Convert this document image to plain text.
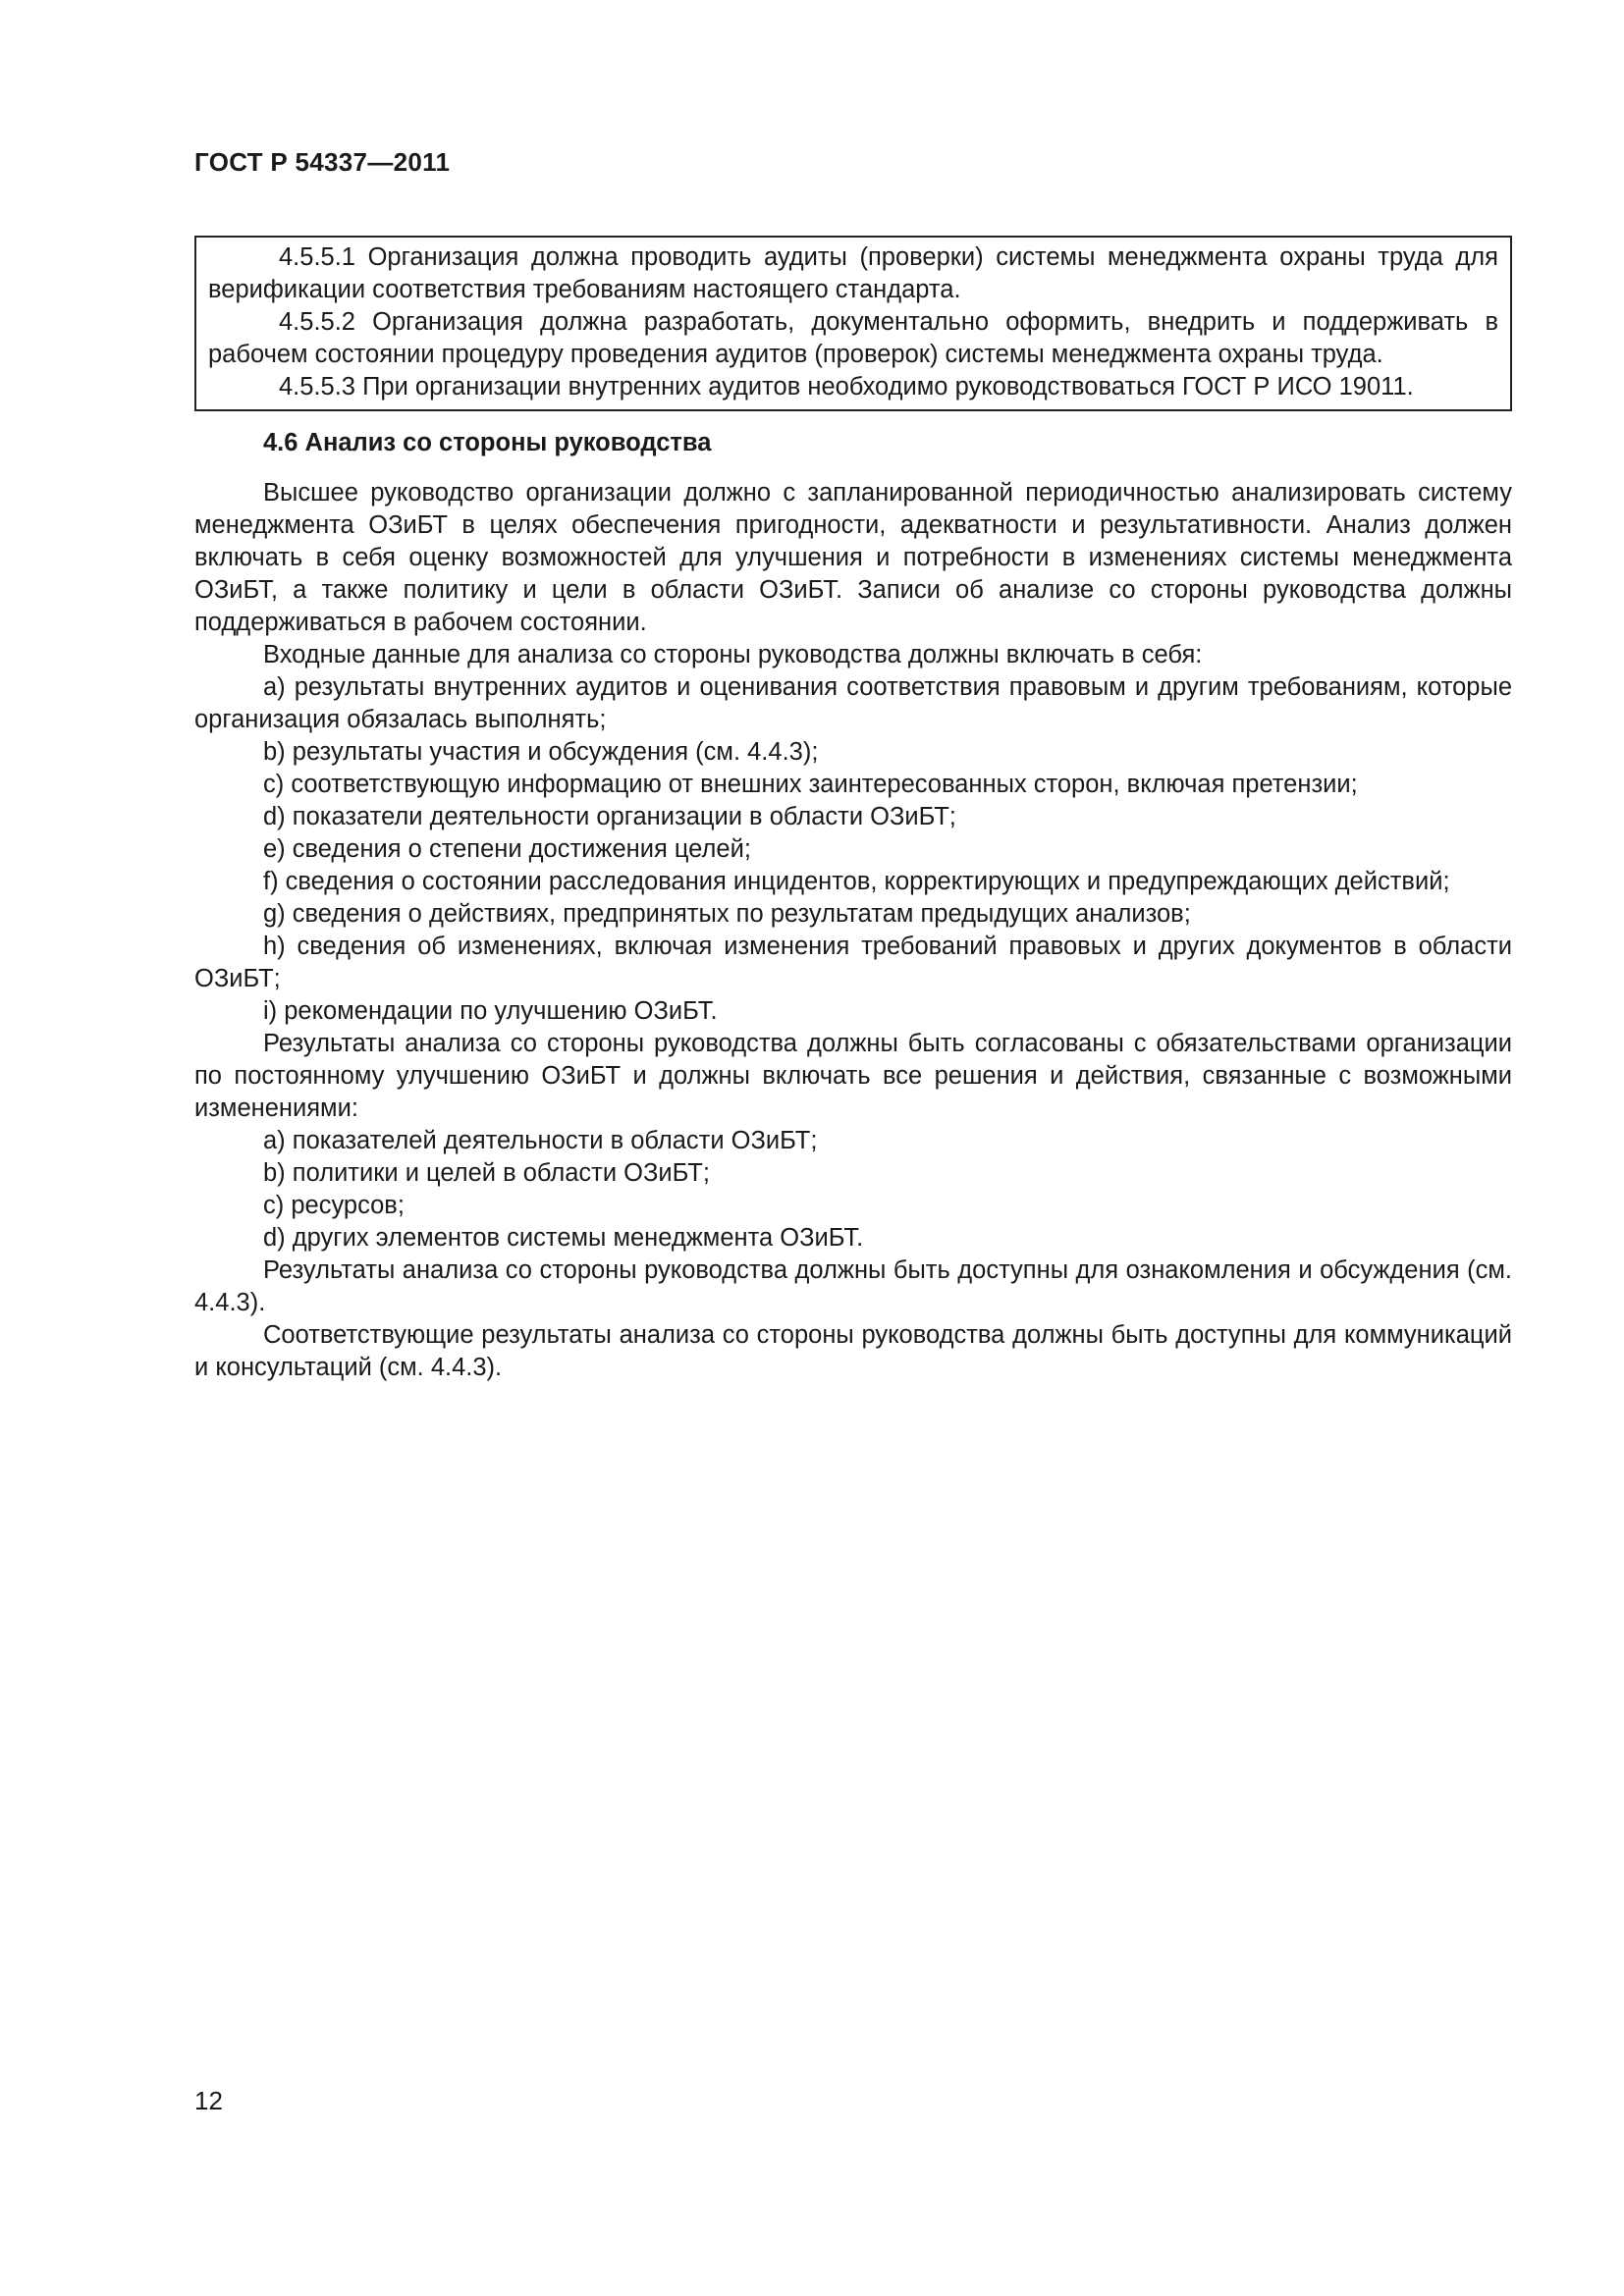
ГОСТ Р 54337—2011

4.5.5.1 Организация должна проводить аудиты (проверки) системы менеджмента охраны труда для верификации соответствия требованиям настоящего стандарта.

4.5.5.2 Организация должна разработать, документально оформить, внедрить и поддерживать в рабочем состоянии процедуру проведения аудитов (проверок) системы менеджмента охраны труда.

4.5.5.3 При организации внутренних аудитов необходимо руководствоваться ГОСТ Р ИСО 19011.

4.6 Анализ со стороны руководства

Высшее руководство организации должно с запланированной периодичностью анализировать систему менеджмента ОЗиБТ в целях обеспечения пригодности, адекватности и результативности. Анализ должен включать в себя оценку возможностей для улучшения и потребности в изменениях системы менеджмента ОЗиБТ, а также политику и цели в области ОЗиБТ. Записи об анализе со стороны руководства должны поддерживаться в рабочем состоянии.

Входные данные для анализа со стороны руководства должны включать в себя:

a) результаты внутренних аудитов и оценивания соответствия правовым и другим требованиям, которые организация обязалась выполнять;

b) результаты участия и обсуждения (см. 4.4.3);

c) соответствующую информацию от внешних заинтересованных сторон, включая претензии;

d) показатели деятельности организации в области ОЗиБТ;

e) сведения о степени достижения целей;

f) сведения о состоянии расследования инцидентов, корректирующих и предупреждающих действий;

g) сведения о действиях, предпринятых по результатам предыдущих анализов;

h) сведения об изменениях, включая изменения требований правовых и других документов в области ОЗиБТ;

i) рекомендации по улучшению ОЗиБТ.

Результаты анализа со стороны руководства должны быть согласованы с обязательствами организации по постоянному улучшению ОЗиБТ и должны включать все решения и действия, связанные с возможными изменениями:

a) показателей деятельности в области ОЗиБТ;

b) политики и целей в области ОЗиБТ;

c) ресурсов;

d) других элементов системы менеджмента ОЗиБТ.

Результаты анализа со стороны руководства должны быть доступны для ознакомления и обсуждения (см. 4.4.3).

Соответствующие результаты анализа со стороны руководства должны быть доступны для коммуникаций и консультаций (см. 4.4.3).

12
